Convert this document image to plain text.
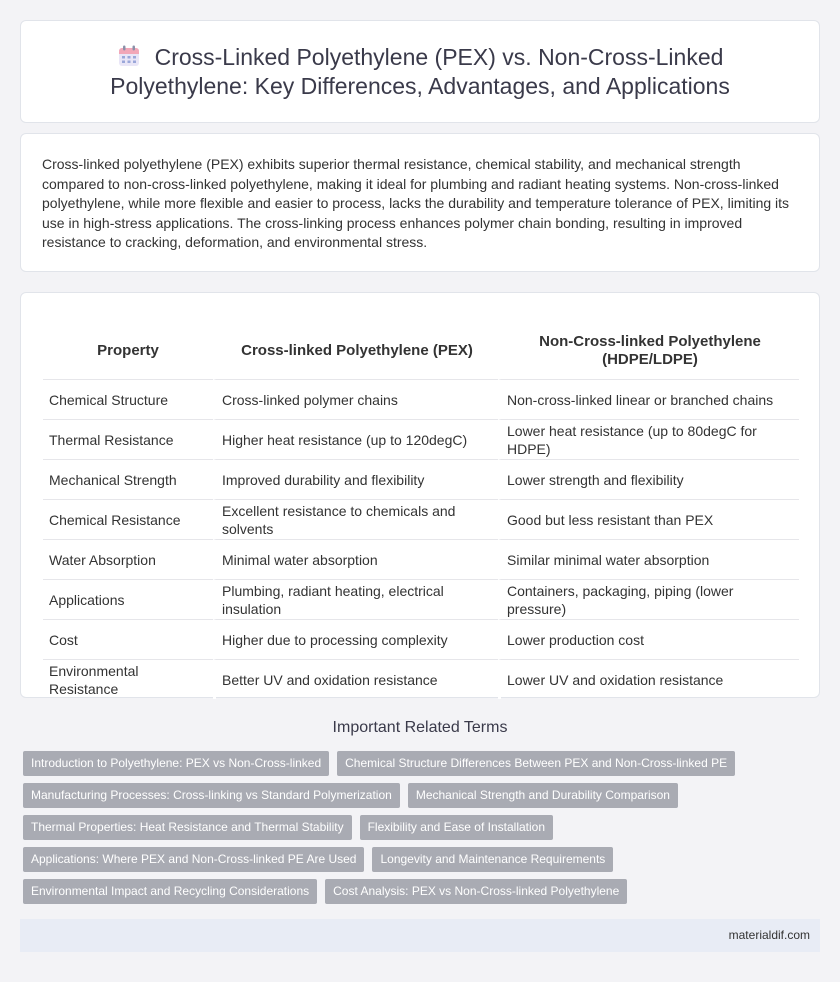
Cross-Linked Polyethylene (PEX) vs. Non-Cross-Linked Polyethylene: Key Differences, Advantages, and Applications

Cross-linked polyethylene (PEX) exhibits superior thermal resistance, chemical stability, and mechanical strength compared to non-cross-linked polyethylene, making it ideal for plumbing and radiant heating systems. Non-cross-linked polyethylene, while more flexible and easier to process, lacks the durability and temperature tolerance of PEX, limiting its use in high-stress applications. The cross-linking process enhances polymer chain bonding, resulting in improved resistance to cracking, deformation, and environmental stress.

Property	Cross-linked Polyethylene (PEX)	Non-Cross-linked Polyethylene (HDPE/LDPE)
Chemical Structure	Cross-linked polymer chains	Non-cross-linked linear or branched chains
Thermal Resistance	Higher heat resistance (up to 120degC)	Lower heat resistance (up to 80degC for HDPE)
Mechanical Strength	Improved durability and flexibility	Lower strength and flexibility
Chemical Resistance	Excellent resistance to chemicals and solvents	Good but less resistant than PEX
Water Absorption	Minimal water absorption	Similar minimal water absorption
Applications	Plumbing, radiant heating, electrical insulation	Containers, packaging, piping (lower pressure)
Cost	Higher due to processing complexity	Lower production cost
Environmental Resistance	Better UV and oxidation resistance	Lower UV and oxidation resistance
Important Related Terms
Introduction to Polyethylene: PEX vs Non-Cross-linked	Chemical Structure Differences Between PEX and Non-Cross-linked PE
Manufacturing Processes: Cross-linking vs Standard Polymerization	Mechanical Strength and Durability Comparison
Thermal Properties: Heat Resistance and Thermal Stability	Flexibility and Ease of Installation
Applications: Where PEX and Non-Cross-linked PE Are Used	Longevity and Maintenance Requirements
Environmental Impact and Recycling Considerations	Cost Analysis: PEX vs Non-Cross-linked Polyethylene
materialdif.com
